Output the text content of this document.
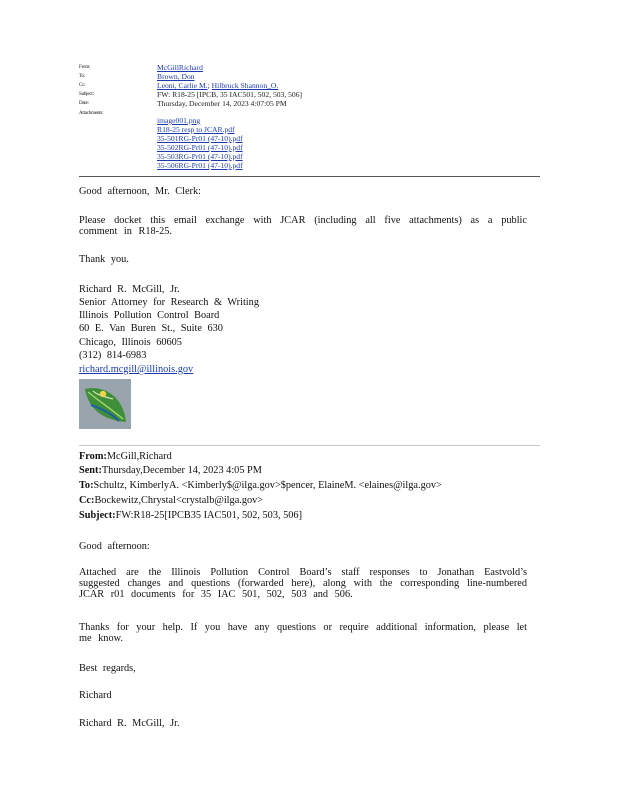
From:	McGillRichard
To:	Brown, Don
Cc:	Leoni, Carlie M.; Hilbruck Shannon_O.
Subject:	FW: R18-25 [IPCB, 35 IAC501, 502, 503, 506]
Date:	Thursday, December 14, 2023 4:07:05 PM
Attachments:
image001.png
R18-25 resp to JCAR.pdf
35-501RG-Pr01 (47-10).pdf
35-502RG-Pr01 (47-10).pdf
35-503RG-Pr01 (47-10).pdf
35-506RG-Pr01 (47-10).pdf
Good afternoon, Mr. Clerk:
Please docket this email exchange with JCAR (including all five attachments) as a public comment in R18-25.
Thank you.
Richard R. McGill, Jr.
Senior Attorney for Research & Writing
Illinois Pollution Control Board
60 E. Van Buren St., Suite 630
Chicago, Illinois 60605
(312) 814-6983
richard.mcgill@illinois.gov
From:McGill,Richard
Sent:Thursday,December 14, 2023 4:05 PM
To:Schultz, KimberlyA. <Kimberly$@ilga.gov>$pencer, ElaineM. <elaines@ilga.gov>
Cc:Bockewitz,Chrystal<crystalb@ilga.gov>
Subject:FW:R18-25[IPCB35 IAC501, 502, 503, 506]
Good afternoon:
Attached are the Illinois Pollution Control Board’s staff responses to Jonathan Eastvold’s suggested changes and questions (forwarded here), along with the corresponding line-numbered JCAR r01 documents for 35 IAC 501, 502, 503 and 506.
Thanks for your help. If you have any questions or require additional information, please let me know.
Best regards,
Richard
Richard R. McGill, Jr.
